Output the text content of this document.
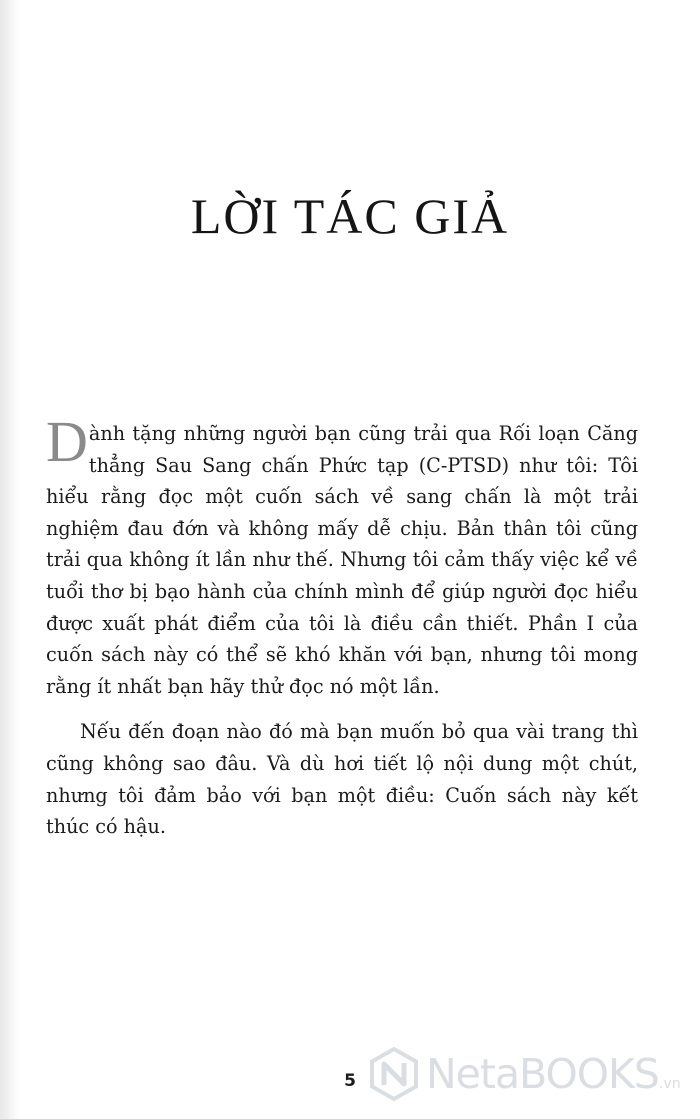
LỜI TÁC GIẢ

Dành tặng những người bạn cũng trải qua Rối loạn Căng thẳng Sau Sang chấn Phức tạp (C-PTSD) như tôi: Tôi hiểu rằng đọc một cuốn sách về sang chấn là một trải nghiệm đau đớn và không mấy dễ chịu. Bản thân tôi cũng trải qua không ít lần như thế. Nhưng tôi cảm thấy việc kể về tuổi thơ bị bạo hành của chính mình để giúp người đọc hiểu được xuất phát điểm của tôi là điều cần thiết. Phần I của cuốn sách này có thể sẽ khó khăn với bạn, nhưng tôi mong rằng ít nhất bạn hãy thử đọc nó một lần.

Nếu đến đoạn nào đó mà bạn muốn bỏ qua vài trang thì cũng không sao đâu. Và dù hơi tiết lộ nội dung một chút, nhưng tôi đảm bảo với bạn một điều: Cuốn sách này kết thúc có hậu.

5	NetaBOOKS .vn
